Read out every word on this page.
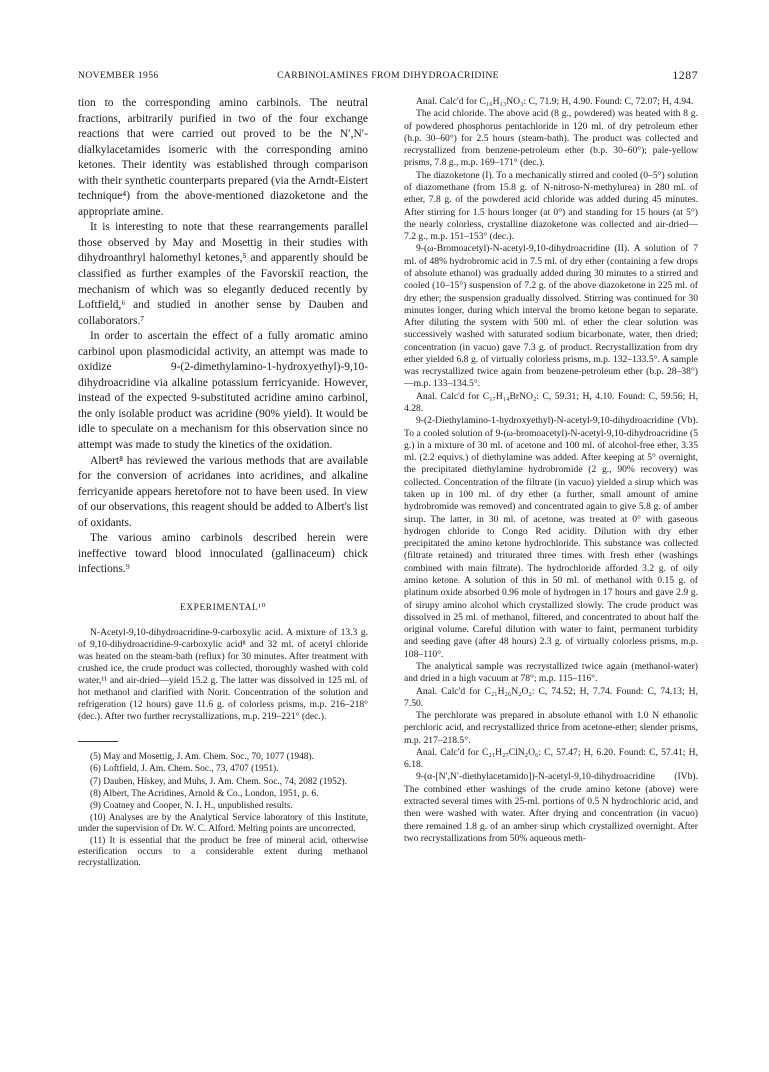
NOVEMBER 1956	CARBINOLAMINES FROM DIHYDROACRIDINE	1287

tion to the corresponding amino carbinols. The neutral fractions, arbitrarily purified in two of the four exchange reactions that were carried out proved to be the N′,N′-dialkylacetamides isomeric with the corresponding amino ketones. Their identity was established through comparison with their synthetic counterparts prepared (via the Arndt-Eistert technique⁴) from the above-mentioned diazoketone and the appropriate amine.

It is interesting to note that these rearrangements parallel those observed by May and Mosettig in their studies with dihydroanthryl halomethyl ketones,⁵ and apparently should be classified as further examples of the Favorskiĭ reaction, the mechanism of which was so elegantly deduced recently by Loftfield,⁶ and studied in another sense by Dauben and collaborators.⁷

In order to ascertain the effect of a fully aromatic amino carbinol upon plasmodicidal activity, an attempt was made to oxidize 9-(2-dimethylamino-1-hydroxyethyl)-9,10-dihydroacridine via alkaline potassium ferricyanide. However, instead of the expected 9-substituted acridine amino carbinol, the only isolable product was acridine (90% yield). It would be idle to speculate on a mechanism for this observation since no attempt was made to study the kinetics of the oxidation.

Albert⁸ has reviewed the various methods that are available for the conversion of acridanes into acridines, and alkaline ferricyanide appears heretofore not to have been used. In view of our observations, this reagent should be added to Albert's list of oxidants.

The various amino carbinols described herein were ineffective toward blood innoculated (gallinaceum) chick infections.⁹

EXPERIMENTAL¹⁰

N-Acetyl-9,10-dihydroacridine-9-carboxylic acid. A mixture of 13.3 g. of 9,10-dihydroacridine-9-carboxylic acid⁸ and 32 ml. of acetyl chloride was heated on the steam-bath (reflux) for 30 minutes. After treatment with crushed ice, the crude product was collected, thoroughly washed with cold water,¹¹ and air-dried—yield 15.2 g. The latter was dissolved in 125 ml. of hot methanol and clarified with Norit. Concentration of the solution and refrigeration (12 hours) gave 11.6 g. of colorless prisms, m.p. 216–218° (dec.). After two further recrystallizations, m.p. 219–221° (dec.).

(5) May and Mosettig, J. Am. Chem. Soc., 70, 1077 (1948).

(6) Loftfield, J. Am. Chem. Soc., 73, 4707 (1951).

(7) Dauben, Hiskey, and Muhs, J. Am. Chem. Soc., 74, 2082 (1952).

(8) Albert, The Acridines, Arnold & Co., London, 1951, p. 6.

(9) Coatney and Cooper, N. I. H., unpublished results.

(10) Analyses are by the Analytical Service laboratory of this Institute, under the supervision of Dr. W. C. Alford. Melting points are uncorrected.

(11) It is essential that the product be free of mineral acid, otherwise esterification occurs to a considerable extent during methanol recrystallization.

Anal. Calc'd for C₁₆H₁₃NO₃: C, 71.9; H, 4.90. Found: C, 72.07; H, 4.94.

The acid chloride. The above acid (8 g., powdered) was heated with 8 g. of powdered phosphorus pentachloride in 120 ml. of dry petroleum ether (b.p. 30–60°) for 2.5 hours (steam-bath). The product was collected and recrystallized from benzene-petroleum ether (b.p. 30–60°); pale-yellow prisms, 7.8 g., m.p. 169–171° (dec.).

The diazoketone (I). To a mechanically stirred and cooled (0–5°) solution of diazomethane (from 15.8 g. of N-nitroso-N-methylurea) in 280 ml. of ether, 7.8 g. of the powdered acid chloride was added during 45 minutes. After stirring for 1.5 hours longer (at 0°) and standing for 15 hours (at 5°) the nearly colorless, crystalline diazoketone was collected and air-dried—7.2 g., m.p. 151–153° (dec.).

9-(ω-Bromoacetyl)-N-acetyl-9,10-dihydroacridine (II). A solution of 7 ml. of 48% hydrobromic acid in 7.5 ml. of dry ether (containing a few drops of absolute ethanol) was gradually added during 30 minutes to a stirred and cooled (10–15°) suspension of 7.2 g. of the above diazoketone in 225 ml. of dry ether; the suspension gradually dissolved. Stirring was continued for 30 minutes longer, during which interval the bromo ketone began to separate. After diluting the system with 500 ml. of ether the clear solution was successively washed with saturated sodium bicarbonate, water, then dried; concentration (in vacuo) gave 7.3 g. of product. Recrystallization from dry ether yielded 6.8 g. of virtually colorless prisms, m.p. 132–133.5°. A sample was recrystallized twice again from benzene-petroleum ether (b.p. 28–38°)—m.p. 133–134.5°.

Anal. Calc'd for C₁₇H₁₄BrNO₂: C, 59.31; H, 4.10. Found: C, 59.56; H, 4.28.

9-(2-Diethylamino-1-hydroxyethyl)-N-acetyl-9,10-dihydroacridine (Vb). To a cooled solution of 9-(ω-bromoacetyl)-N-acetyl-9,10-dihydroacridine (5 g.) in a mixture of 30 ml. of acetone and 100 ml. of alcohol-free ether, 3.35 ml. (2.2 equivs.) of diethylamine was added. After keeping at 5° overnight, the precipitated diethylamine hydrobromide (2 g., 90% recovery) was collected. Concentration of the filtrate (in vacuo) yielded a sirup which was taken up in 100 ml. of dry ether (a further, small amount of amine hydrobromide was removed) and concentrated again to give 5.8 g. of amber sirup. The latter, in 30 ml. of acetone, was treated at 0° with gaseous hydrogen chloride to Congo Red acidity. Dilution with dry ether precipitated the amino ketone hydrochloride. This substance was collected (filtrate retained) and triturated three times with fresh ether (washings combined with main filtrate). The hydrochloride afforded 3.2 g. of oily amino ketone. A solution of this in 50 ml. of methanol with 0.15 g. of platinum oxide absorbed 0.96 mole of hydrogen in 17 hours and gave 2.9 g. of sirupy amino alcohol which crystallized slowly. The crude product was dissolved in 25 ml. of methanol, filtered, and concentrated to about half the original volume. Careful dilution with water to faint, permanent turbidity and seeding gave (after 48 hours) 2.3 g. of virtually colorless prisms, m.p. 108–110°.

The analytical sample was recrystallized twice again (methanol-water) and dried in a high vacuum at 78°; m.p. 115–116°.

Anal. Calc'd for C₂₁H₂₆N₂O₂: C, 74.52; H, 7.74. Found: C, 74.13; H, 7.50.

The perchlorate was prepared in absolute ethanol with 1.0 N ethanolic perchloric acid, and recrystallized thrice from acetone-ether; slender prisms, m.p. 217–218.5°.

Anal. Calc'd for C₂₁H₂₇ClN₂O₆: C, 57.47; H, 6.20. Found: C, 57.41; H, 6.18.

9-(α-[N′,N′-diethylacetamido])-N-acetyl-9,10-dihydroacridine (IVb). The combined ether washings of the crude amino ketone (above) were extracted several times with 25-ml. portions of 0.5 N hydrochloric acid, and then were washed with water. After drying and concentration (in vacuo) there remained 1.8 g. of an amber sirup which crystallized overnight. After two recrystallizations from 50% aqueous meth-
